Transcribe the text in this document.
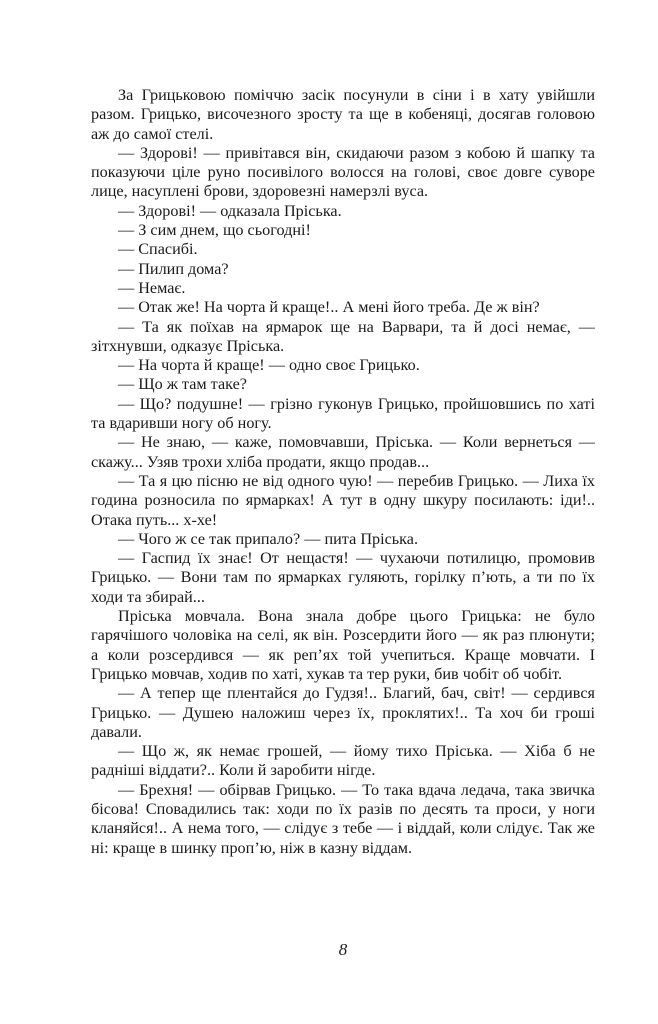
За Грицьковою поміччю засік посунули в сіни і в хату увійшли разом. Грицько, височезного зросту та ще в кобеняці, досягав головою аж до самої стелі.

— Здорові! — привітався він, скидаючи разом з кобою й шапку та показуючи ціле руно посивілого волосся на голові, своє довге суворе лице, насуплені брови, здоровезні намерзлі вуса.

— Здорові! — одказала Пріська.

— З сим днем, що сьогодні!

— Спасибі.

— Пилип дома?

— Немає.

— Отак же! На чорта й краще!.. А мені його треба. Де ж він?

— Та як поїхав на ярмарок ще на Варвари, та й досі немає, — зітхнувши, одказує Пріська.

— На чорта й краще! — одно своє Грицько.

— Що ж там таке?

— Що? подушне! — грізно гуконув Грицько, пройшовшись по хаті та вдаривши ногу об ногу.

— Не знаю, — каже, помовчавши, Пріська. — Коли вернеться — скажу... Узяв трохи хліба продати, якщо продав...

— Та я цю пісню не від одного чую! — перебив Грицько. — Лиха їх година розносила по ярмарках! А тут в одну шкуру посилають: іди!.. Отака путь... х-хе!

— Чого ж се так припало? — пита Пріська.

— Гаспид їх знає! От нещастя! — чухаючи потилицю, промовив Грицько. — Вони там по ярмарках гуляють, горілку п’ють, а ти по їх ходи та збирай...

Пріська мовчала. Вона знала добре цього Грицька: не було гарячішого чоловіка на селі, як він. Розсердити його — як раз плюнути; а коли розсердився — як реп’ях той учепиться. Краще мовчати. І Грицько мовчав, ходив по хаті, хукав та тер руки, бив чобіт об чобіт.

— А тепер ще плентайся до Гудзя!.. Благий, бач, світ! — сердився Грицько. — Душею наложиш через їх, проклятих!.. Та хоч би гроші давали.

— Що ж, як немає грошей, — йому тихо Пріська. — Хіба б не радніші віддати?.. Коли й заробити нігде.

— Брехня! — обірвав Грицько. — То така вдача ледача, така звичка бісова! Сповадились так: ходи по їх разів по десять та проси, у ноги кланяйся!.. А нема того, — слідує з тебе — і віддай, коли слідує. Так же ні: краще в шинку проп’ю, ніж в казну віддам.

8
